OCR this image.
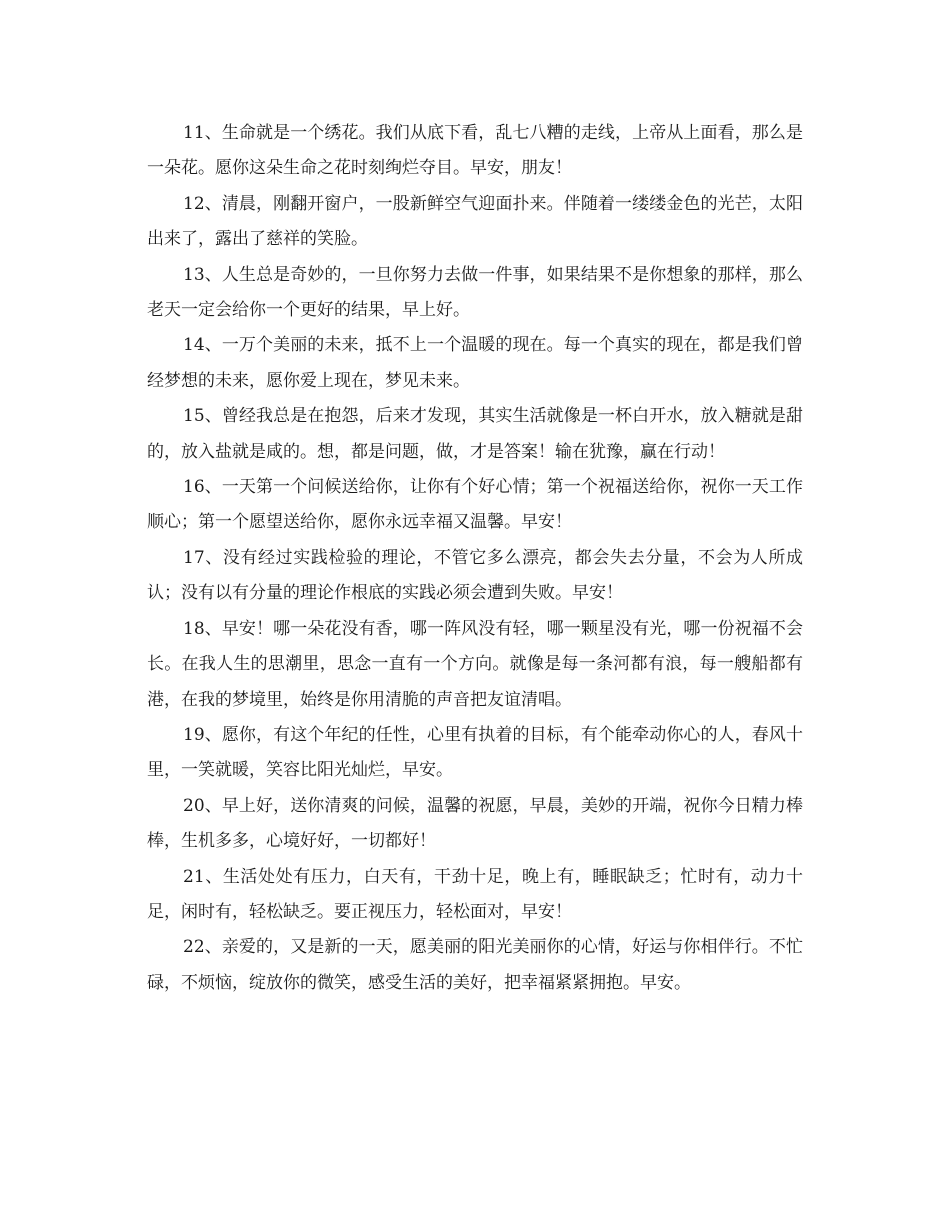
11、生命就是一个绣花。我们从底下看，乱七八糟的走线，上帝从上面看，那么是一朵花。愿你这朵生命之花时刻绚烂夺目。早安，朋友！

12、清晨，刚翻开窗户，一股新鲜空气迎面扑来。伴随着一缕缕金色的光芒，太阳出来了，露出了慈祥的笑脸。

13、人生总是奇妙的，一旦你努力去做一件事，如果结果不是你想象的那样，那么老天一定会给你一个更好的结果，早上好。

14、一万个美丽的未来，抵不上一个温暖的现在。每一个真实的现在，都是我们曾经梦想的未来，愿你爱上现在，梦见未来。

15、曾经我总是在抱怨，后来才发现，其实生活就像是一杯白开水，放入糖就是甜的，放入盐就是咸的。想，都是问题，做，才是答案！输在犹豫，赢在行动！

16、一天第一个问候送给你，让你有个好心情；第一个祝福送给你，祝你一天工作顺心；第一个愿望送给你，愿你永远幸福又温馨。早安！

17、没有经过实践检验的理论，不管它多么漂亮，都会失去分量，不会为人所成认；没有以有分量的理论作根底的实践必须会遭到失败。早安！

18、早安！哪一朵花没有香，哪一阵风没有轻，哪一颗星没有光，哪一份祝福不会长。在我人生的思潮里，思念一直有一个方向。就像是每一条河都有浪，每一艘船都有港，在我的梦境里，始终是你用清脆的声音把友谊清唱。

19、愿你，有这个年纪的任性，心里有执着的目标，有个能牵动你心的人，春风十里，一笑就暖，笑容比阳光灿烂，早安。

20、早上好，送你清爽的问候，温馨的祝愿，早晨，美妙的开端，祝你今日精力棒棒，生机多多，心境好好，一切都好！

21、生活处处有压力，白天有，干劲十足，晚上有，睡眠缺乏；忙时有，动力十足，闲时有，轻松缺乏。要正视压力，轻松面对，早安！

22、亲爱的，又是新的一天，愿美丽的阳光美丽你的心情，好运与你相伴行。不忙碌，不烦恼，绽放你的微笑，感受生活的美好，把幸福紧紧拥抱。早安。
